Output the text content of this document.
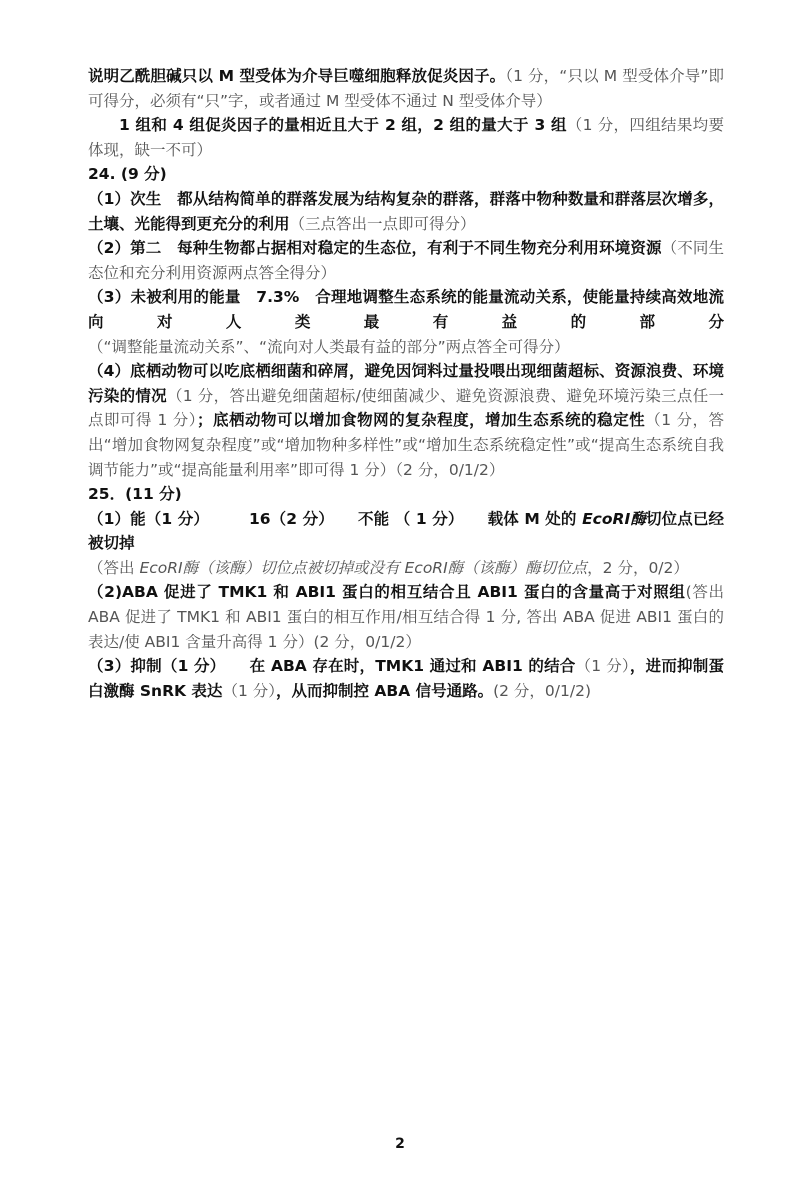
说明乙酰胆碱只以 M 型受体为介导巨噬细胞释放促炎因子。（1 分，“只以 M 型受体介导”即可得分，必须有“只”字，或者通过 M 型受体不通过 N 型受体介导）

1 组和 4 组促炎因子的量相近且大于 2 组，2 组的量大于 3 组（1 分，四组结果均要体现，缺一不可）

24. (9 分)

（1）次生　都从结构简单的群落发展为结构复杂的群落，群落中物种数量和群落层次增多，土壤、光能得到更充分的利用（三点答出一点即可得分）

（2）第二　每种生物都占据相对稳定的生态位，有利于不同生物充分利用环境资源（不同生态位和充分利用资源两点答全得分）

（3）未被利用的能量　7.3%　合理地调整生态系统的能量流动关系，使能量持续高效地流向对人类最有益的部分（“调整能量流动关系”、“流向对人类最有益的部分”两点答全可得分）

（4）底栖动物可以吃底栖细菌和碎屑，避免因饲料过量投喂出现细菌超标、资源浪费、环境污染的情况（1 分，答出避免细菌超标/使细菌减少、避免资源浪费、避免环境污染三点任一点即可得 1 分）；底栖动物可以增加食物网的复杂程度，增加生态系统的稳定性（1 分，答出“增加食物网复杂程度”或“增加物种多样性”或“增加生态系统稳定性”或“提高生态系统自我调节能力”或“提高能量利用率”即可得 1 分）（2 分，0/1/2）

25．(11 分)

（1）能（1 分）	16（2 分） 不能 （ 1 分） 载体 M 处的 EcoRI酶切位点已经被切掉
（答出 EcoRI酶（该酶）切位点被切掉或没有 EcoRI酶（该酶）酶切位点，2 分，0/2）

（2)ABA 促进了 TMK1 和 ABI1 蛋白的相互结合且 ABI1 蛋白的含量高于对照组(答出 ABA 促进了 TMK1 和 ABI1 蛋白的相互作用/相互结合得 1 分, 答出 ABA 促进 ABI1 蛋白的表达/使 ABI1 含量升高得 1 分）(2 分，0/1/2）

（3）抑制（1 分） 在 ABA 存在时，TMK1 通过和 ABI1 的结合（1 分），进而抑制蛋白激酶 SnRK 表达（1 分），从而抑制控 ABA 信号通路。(2 分，0/1/2)

2
